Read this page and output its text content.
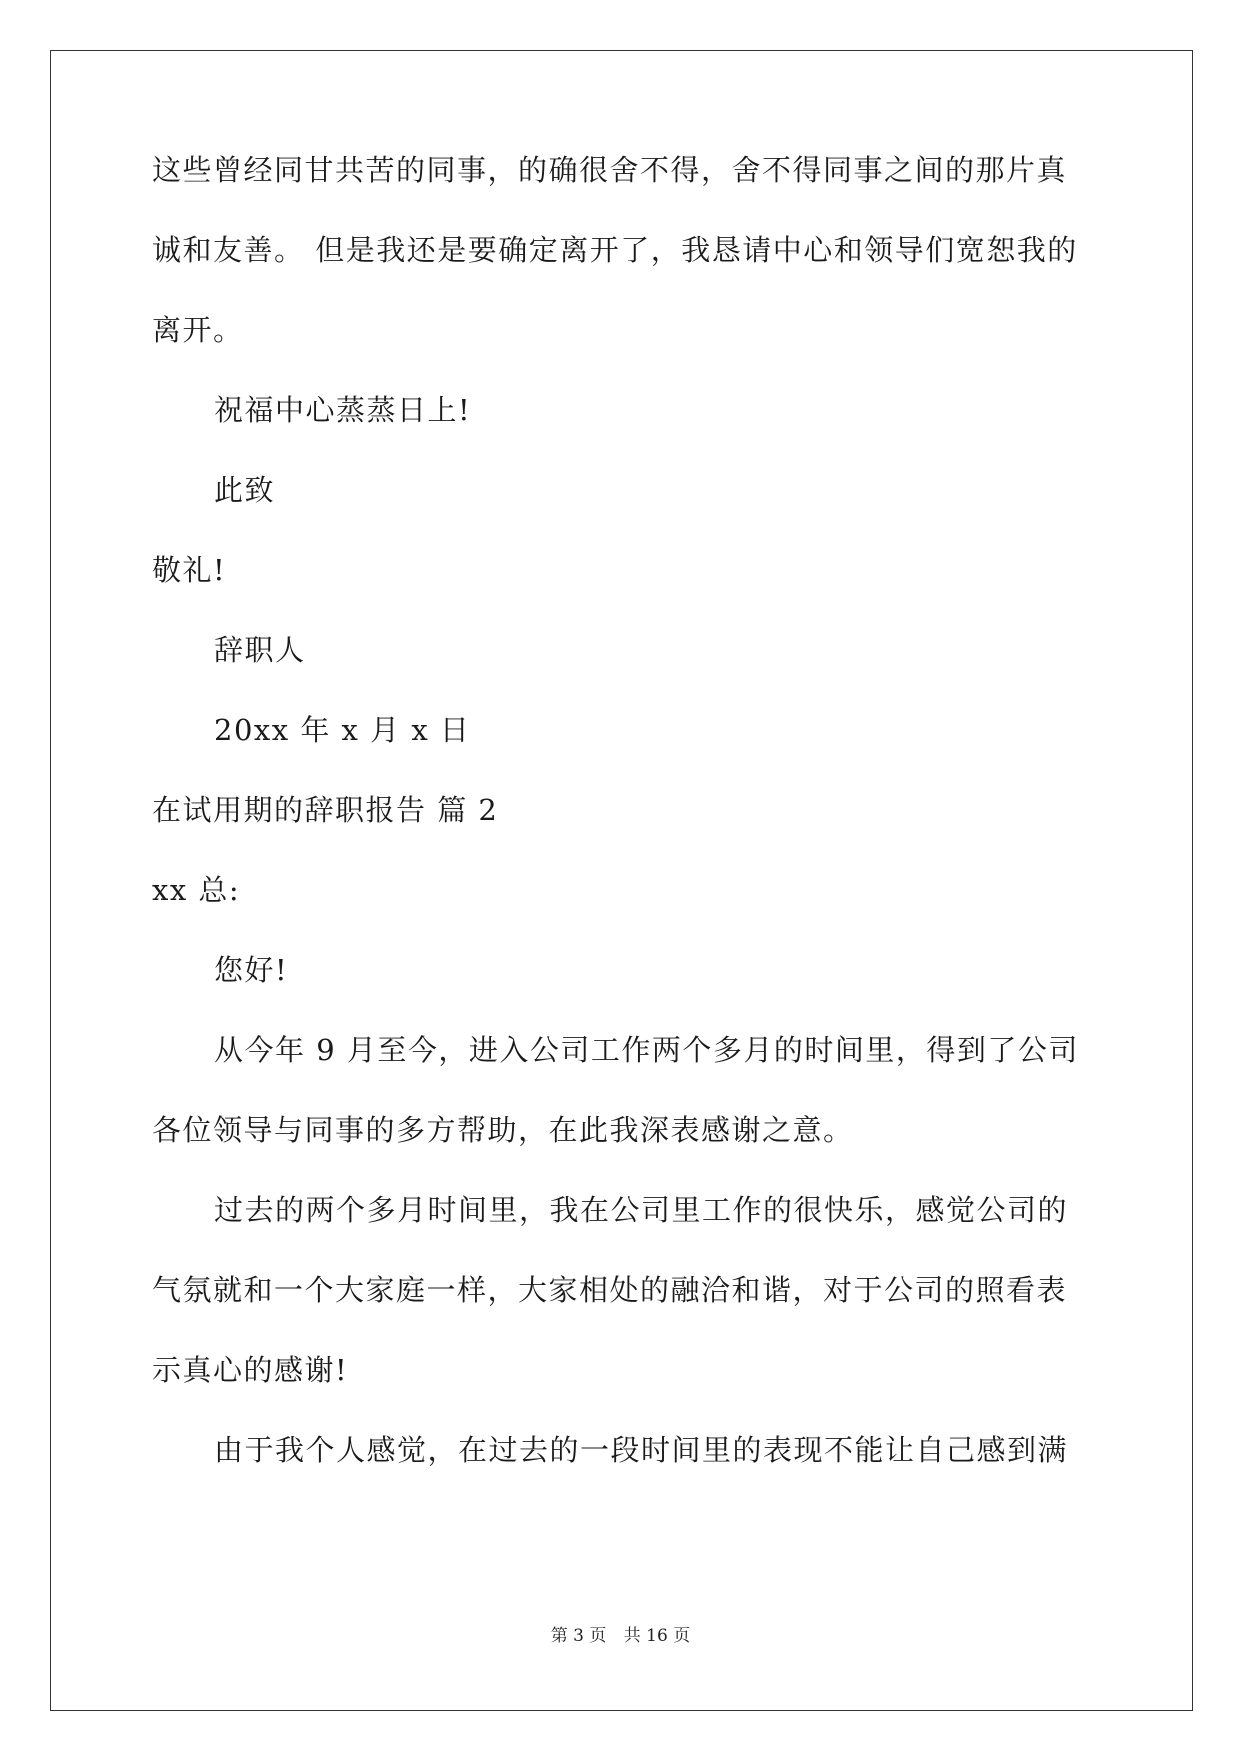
这些曾经同甘共苦的同事，的确很舍不得，舍不得同事之间的那片真
诚和友善。 但是我还是要确定离开了，我恳请中心和领导们宽恕我的
离开。
祝福中心蒸蒸日上!
此致
敬礼!
辞职人
20xx 年 x 月 x 日
在试用期的辞职报告 篇 2
xx 总:
您好!
从今年 9 月至今，进入公司工作两个多月的时间里，得到了公司
各位领导与同事的多方帮助，在此我深表感谢之意。
过去的两个多月时间里，我在公司里工作的很快乐，感觉公司的
气氛就和一个大家庭一样，大家相处的融洽和谐，对于公司的照看表
示真心的感谢!
由于我个人感觉，在过去的一段时间里的表现不能让自己感到满
第 3 页 共 16 页
